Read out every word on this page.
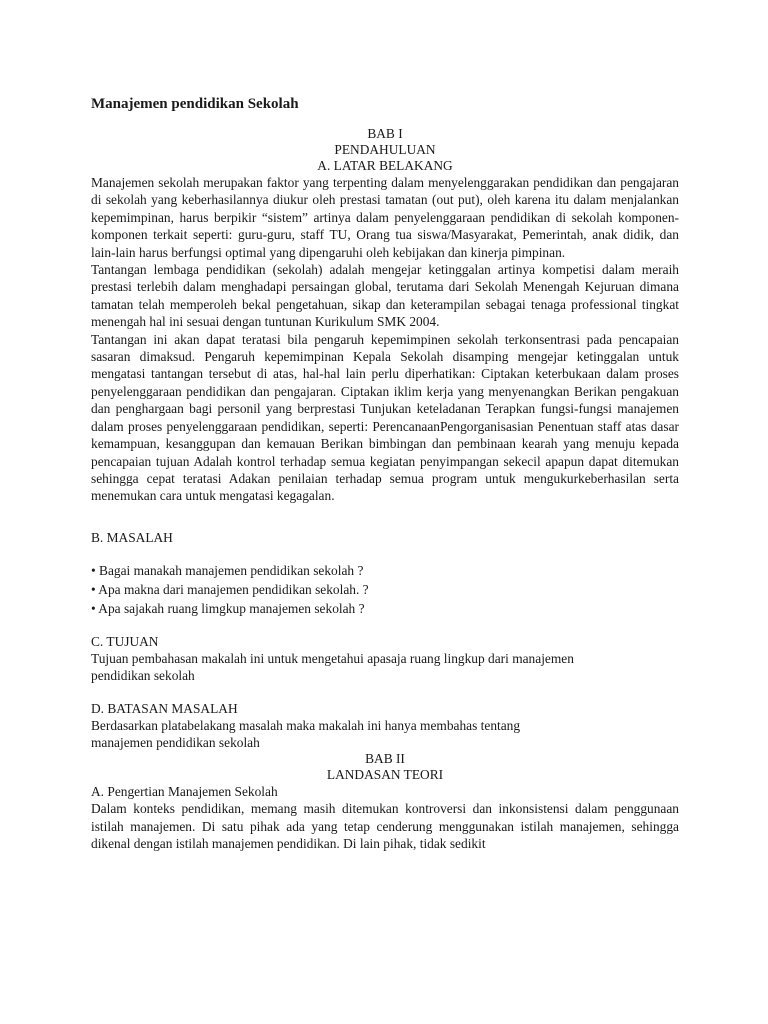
Manajemen pendidikan Sekolah
BAB I
PENDAHULUAN
A. LATAR BELAKANG

Manajemen sekolah merupakan faktor yang terpenting dalam menyelenggarakan pendidikan dan pengajaran di sekolah yang keberhasilannya diukur oleh prestasi tamatan (out put), oleh karena itu dalam menjalankan kepemimpinan, harus berpikir “sistem” artinya dalam penyelenggaraan pendidikan di sekolah komponen-komponen terkait seperti: guru-guru, staff TU, Orang tua siswa/Masyarakat, Pemerintah, anak didik, dan lain-lain harus berfungsi optimal yang dipengaruhi oleh kebijakan dan kinerja pimpinan.

Tantangan lembaga pendidikan (sekolah) adalah mengejar ketinggalan artinya kompetisi dalam meraih prestasi terlebih dalam menghadapi persaingan global, terutama dari Sekolah Menengah Kejuruan dimana tamatan telah memperoleh bekal pengetahuan, sikap dan keterampilan sebagai tenaga professional tingkat menengah hal ini sesuai dengan tuntunan Kurikulum SMK 2004.

Tantangan ini akan dapat teratasi bila pengaruh kepemimpinen sekolah terkonsentrasi pada pencapaian sasaran dimaksud. Pengaruh kepemimpinan Kepala Sekolah disamping mengejar ketinggalan untuk mengatasi tantangan tersebut di atas, hal-hal lain perlu diperhatikan: Ciptakan keterbukaan dalam proses penyelenggaraan pendidikan dan pengajaran. Ciptakan iklim kerja yang menyenangkan Berikan pengakuan dan penghargaan bagi personil yang berprestasi Tunjukan keteladanan Terapkan fungsi-fungsi manajemen dalam proses penyelenggaraan pendidikan, seperti: PerencanaanPengorganisasian Penentuan staff atas dasar kemampuan, kesanggupan dan kemauan Berikan bimbingan dan pembinaan kearah yang menuju kepada pencapaian tujuan Adalah kontrol terhadap semua kegiatan penyimpangan sekecil apapun dapat ditemukan sehingga cepat teratasi Adakan penilaian terhadap semua program untuk mengukurkeberhasilan serta menemukan cara untuk mengatasi kegagalan.

B. MASALAH
• Bagai manakah manajemen pendidikan sekolah ?
• Apa makna dari manajemen pendidikan sekolah. ?
• Apa sajakah ruang limgkup manajemen sekolah ?
C. TUJUAN
Tujuan pembahasan makalah ini untuk mengetahui apasaja ruang lingkup dari manajemen
pendidikan sekolah
D. BATASAN MASALAH
Berdasarkan platabelakang masalah maka makalah ini hanya membahas tentang
manajemen pendidikan sekolah
BAB II
LANDASAN TEORI
A. Pengertian Manajemen Sekolah

Dalam konteks pendidikan, memang masih ditemukan kontroversi dan inkonsistensi dalam penggunaan istilah manajemen. Di satu pihak ada yang tetap cenderung menggunakan istilah manajemen, sehingga dikenal dengan istilah manajemen pendidikan. Di lain pihak, tidak sedikit
